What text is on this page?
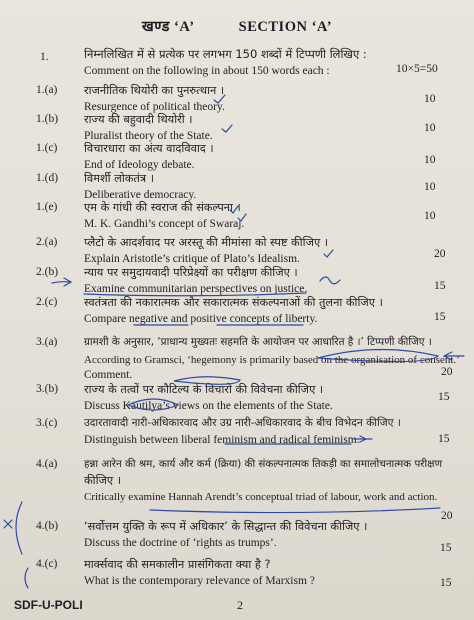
खण्ड ‘A’	SECTION ‘A’
1.	निम्नलिखित में से प्रत्येक पर लगभग 150 शब्दों में टिप्पणी लिखिए :
Comment on the following in about 150 words each :	10×5=50
1.(a) राजनीतिक थियोरी का पुनरुत्थान ।
Resurgence of political theory.
10
1.(b) राज्य की बहुवादी थियोरी ।
Pluralist theory of the State.
10
1.(c) विचारधारा का अंत्य वादविवाद ।
End of Ideology debate.	10
1.(d) विमर्शी लोकतंत्र ।
Deliberative democracy.
10
1.(e) एम के गांधी की स्वराज की संकल्पना ।
M. K. Gandhi’s concept of Swaraj.
10
2.(a) प्लैटो के आदर्शवाद पर अरस्तू की मीमांसा को स्पष्ट कीजिए ।
Explain Aristotle’s critique of Plato’s Idealism.	20
2.(b) न्याय पर समुदायवादी परिप्रेक्ष्यों का परीक्षण कीजिए ।
Examine communitarian perspectives on justice.	15
2.(c) स्वतंत्रता की नकारात्मक और सकारात्मक संकल्पनाओं की तुलना कीजिए ।
Compare negative and positive concepts of liberty.	15
3.(a)	ग्रामशी के अनुसार, ‘प्राधान्य मुख्यतः सहमति के आयोजन पर आधारित है ।’ टिप्पणी कीजिए ।
According to Gramsci, ‘hegemony is primarily based on the organisation of consent.’
Comment.	20
3.(b) राज्य के तत्वों पर कौटिल्य के विचारों की विवेचना कीजिए ।
Discuss Kautilya’s views on the elements of the State.
15
3.(c)	उदारतावादी नारी-अधिकारवाद और उग्र नारी-अधिकारवाद के बीच विभेदन कीजिए ।
Distinguish between liberal feminism and radical feminism.	15
4.(a)	हन्ना आरेन की श्रम, कार्य और कर्म (क्रिया) की संकल्पनात्मक तिकड़ी का समालोचनात्मक परीक्षण
कीजिए ।
Critically examine Hannah Arendt’s conceptual triad of labour, work and action.
20
4.(b) ‘सर्वोत्तम युक्ति के रूप में अधिकार’ के सिद्धान्त की विवेचना कीजिए ।
Discuss the doctrine of ‘rights as trumps’.	15
4.(c) मार्क्सवाद की समकालीन प्रासंगिकता क्या है ?
What is the contemporary relevance of Marxism ?	15
SDF-U-POLI	2
